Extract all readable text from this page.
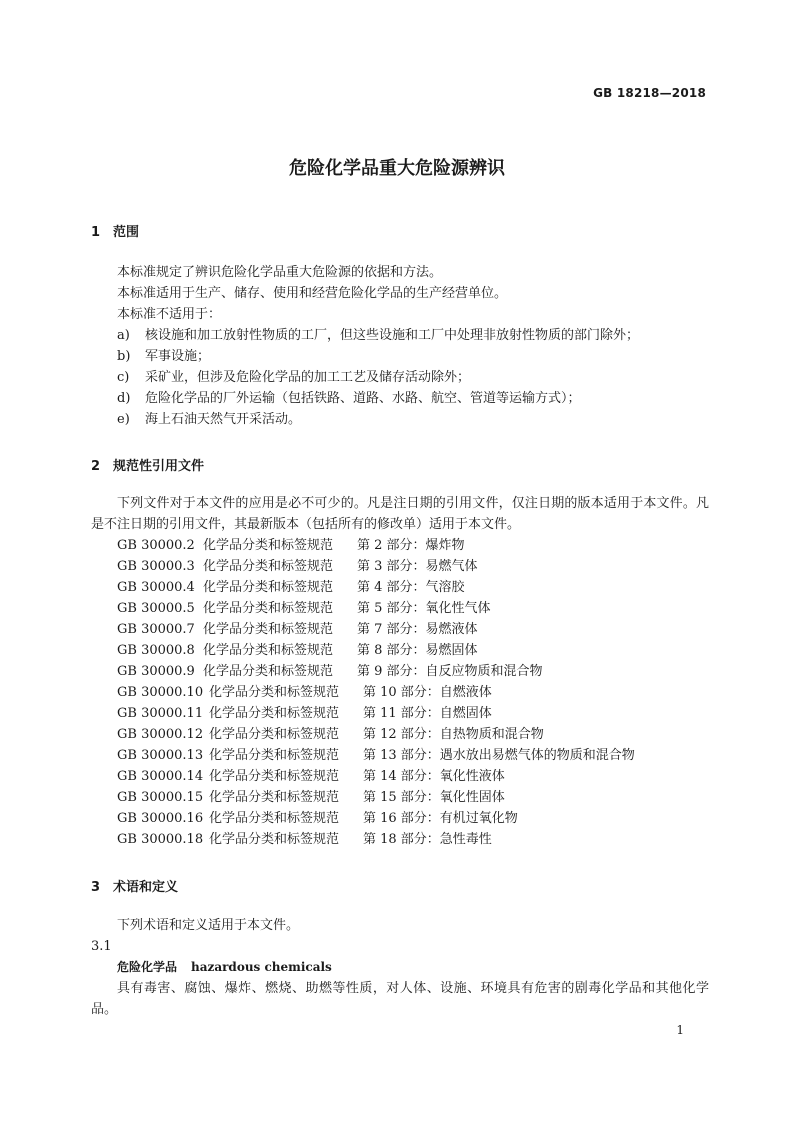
GB 18218—2018
危险化学品重大危险源辨识
1 范围
本标准规定了辨识危险化学品重大危险源的依据和方法。
本标准适用于生产、储存、使用和经营危险化学品的生产经营单位。
本标准不适用于：
a) 核设施和加工放射性物质的工厂，但这些设施和工厂中处理非放射性物质的部门除外；
b) 军事设施；
c) 采矿业，但涉及危险化学品的加工工艺及储存活动除外；
d) 危险化学品的厂外运输（包括铁路、道路、水路、航空、管道等运输方式）；
e) 海上石油天然气开采活动。
2 规范性引用文件
下列文件对于本文件的应用是必不可少的。凡是注日期的引用文件，仅注日期的版本适用于本文件。凡是不注日期的引用文件，其最新版本（包括所有的修改单）适用于本文件。
GB 30000.2 化学品分类和标签规范 第 2 部分：爆炸物
GB 30000.3 化学品分类和标签规范 第 3 部分：易燃气体
GB 30000.4 化学品分类和标签规范 第 4 部分：气溶胶
GB 30000.5 化学品分类和标签规范 第 5 部分：氧化性气体
GB 30000.7 化学品分类和标签规范 第 7 部分：易燃液体
GB 30000.8 化学品分类和标签规范 第 8 部分：易燃固体
GB 30000.9 化学品分类和标签规范 第 9 部分：自反应物质和混合物
GB 30000.10 化学品分类和标签规范 第 10 部分：自燃液体
GB 30000.11 化学品分类和标签规范 第 11 部分：自燃固体
GB 30000.12 化学品分类和标签规范 第 12 部分：自热物质和混合物
GB 30000.13 化学品分类和标签规范 第 13 部分：遇水放出易燃气体的物质和混合物
GB 30000.14 化学品分类和标签规范 第 14 部分：氧化性液体
GB 30000.15 化学品分类和标签规范 第 15 部分：氧化性固体
GB 30000.16 化学品分类和标签规范 第 16 部分：有机过氧化物
GB 30000.18 化学品分类和标签规范 第 18 部分：急性毒性
3 术语和定义
下列术语和定义适用于本文件。
3.1
危险化学品 hazardous chemicals
具有毒害、腐蚀、爆炸、燃烧、助燃等性质，对人体、设施、环境具有危害的剧毒化学品和其他化学品。
1
